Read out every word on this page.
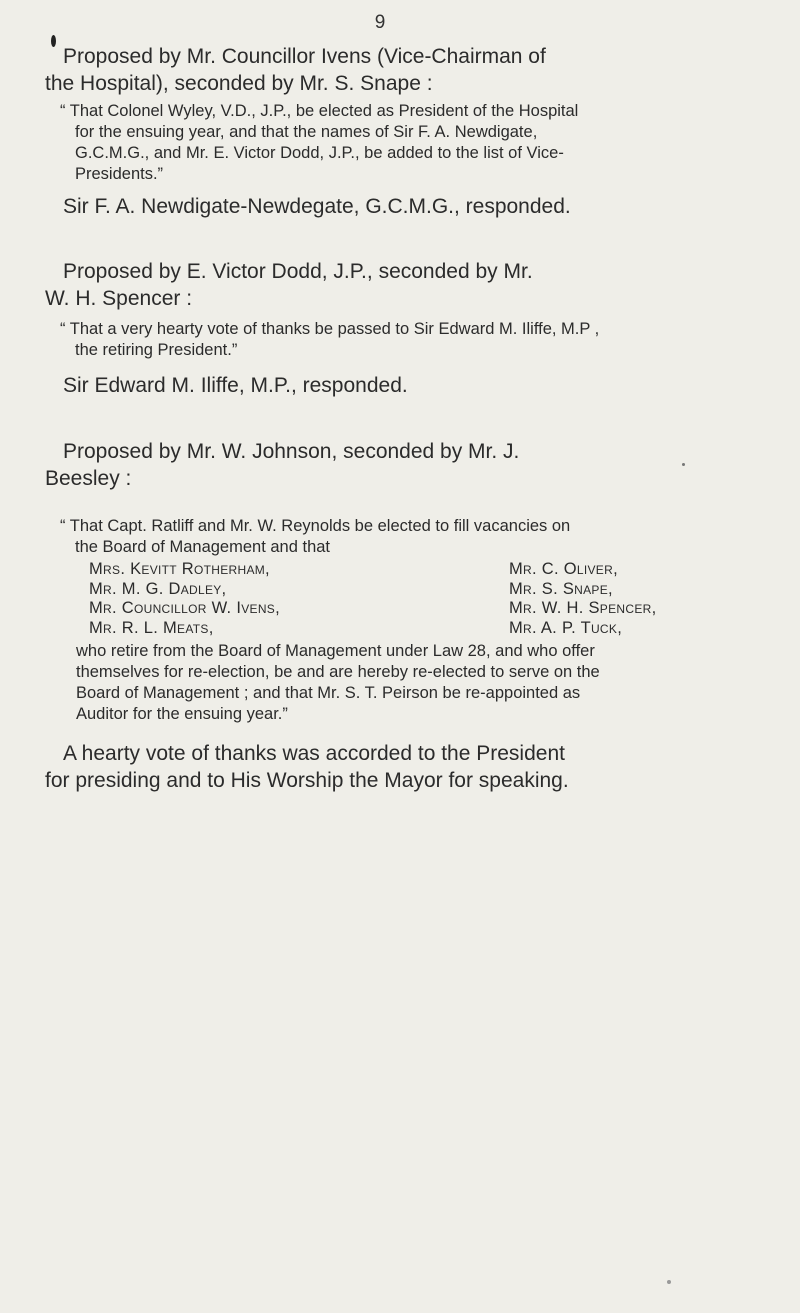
9
Proposed by Mr. Councillor Ivens (Vice-Chairman of
the Hospital), seconded by Mr. S. Snape :
“ That Colonel Wyley, V.D., J.P., be elected as President of the Hospital
for the ensuing year, and that the names of Sir F. A. Newdigate,
G.C.M.G., and Mr. E. Victor Dodd, J.P., be added to the list of Vice-
Presidents.”
Sir F. A. Newdigate-Newdegate, G.C.M.G., responded.
Proposed by E. Victor Dodd, J.P., seconded by Mr.
W. H. Spencer :
“ That a very hearty vote of thanks be passed to Sir Edward M. Iliffe, M.P ,
the retiring President.”
Sir Edward M. Iliffe, M.P., responded.
Proposed by Mr. W. Johnson, seconded by Mr. J.
Beesley :
“ That Capt. Ratliff and Mr. W. Reynolds be elected to fill vacancies on
the Board of Management and that
Mrs. Kevitt Rotherham,
Mr. M. G. Dadley,
Mr. Councillor W. Ivens,
Mr. R. L. Meats,
Mr. C. Oliver,
Mr. S. Snape,
Mr. W. H. Spencer,
Mr. A. P. Tuck,
who retire from the Board of Management under Law 28, and who offer
themselves for re-election, be and are hereby re-elected to serve on the
Board of Management ; and that Mr. S. T. Peirson be re-appointed as
Auditor for the ensuing year.”
A hearty vote of thanks was accorded to the President
for presiding and to His Worship the Mayor for speaking.
